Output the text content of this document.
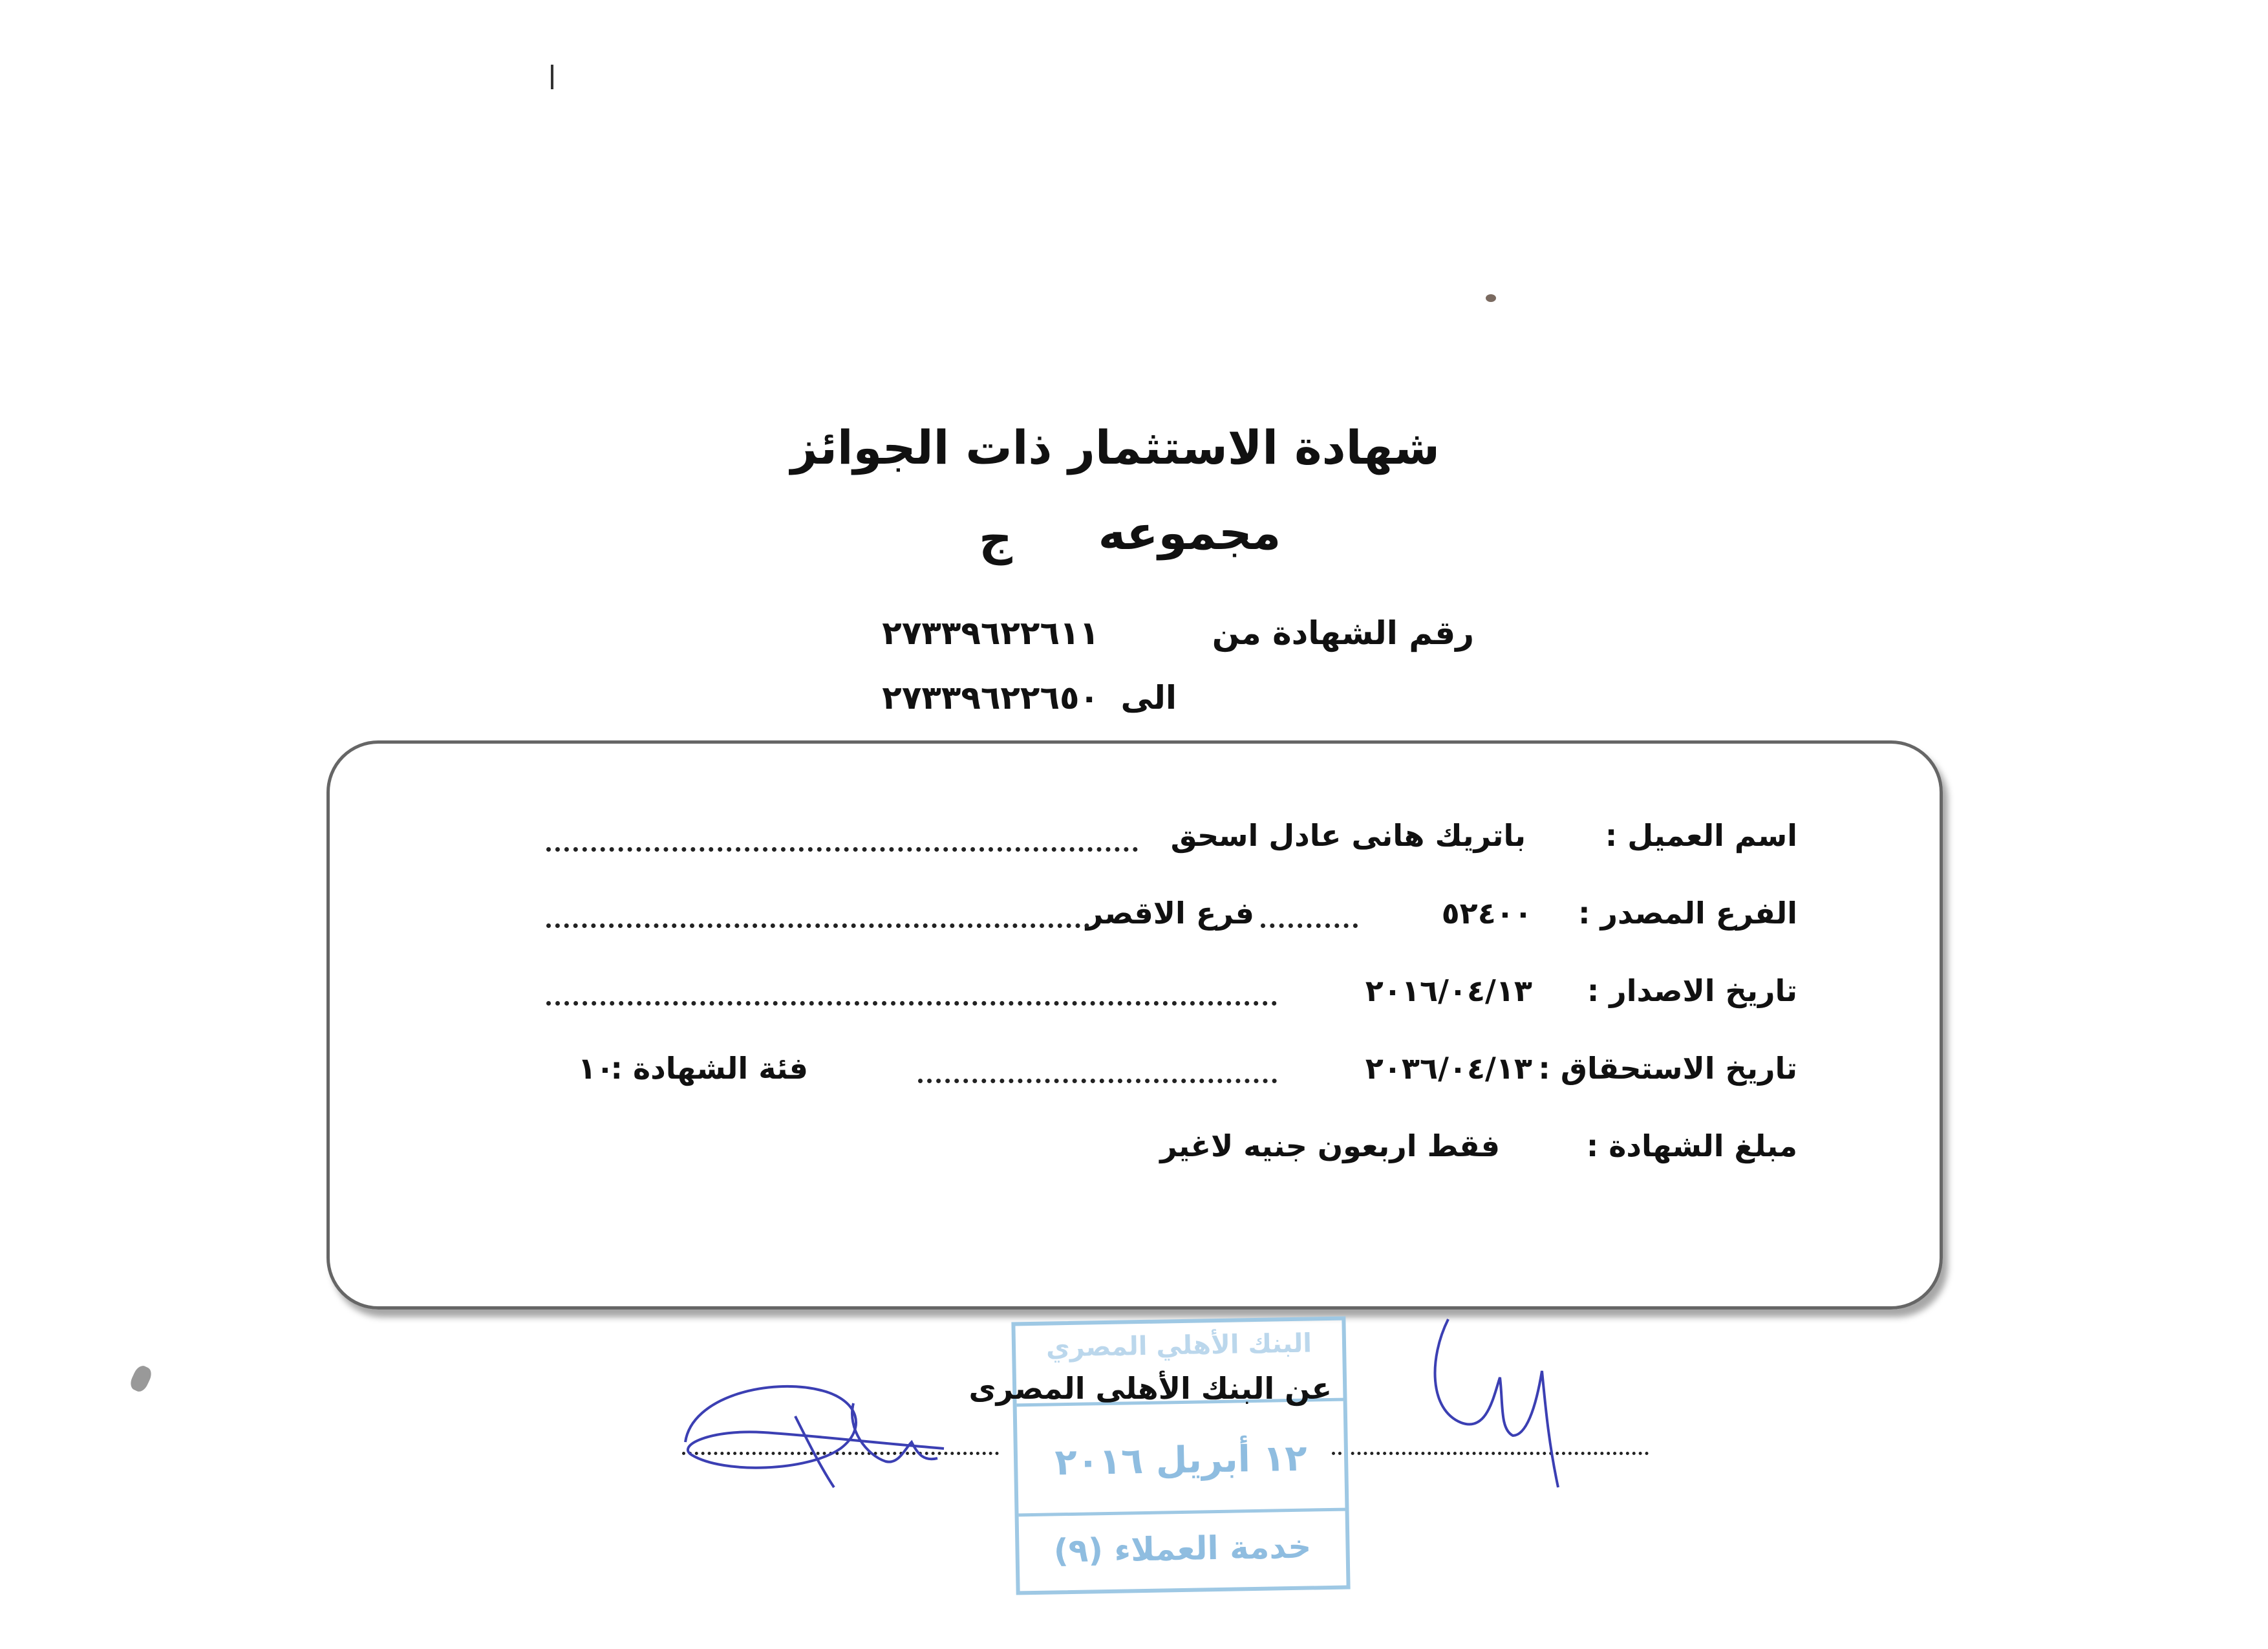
شهادة الاستثمار ذات الجوائز
مجموعه
ج
رقم الشهادة من
٢٧٣٣٩٦٢٢٦١١
الى
٢٧٣٣٩٦٢٢٦٥٠
اسم العميل :
باتريك هانى عادل اسحق
الفرع المصدر :
٥٢٤٠٠
فرع الاقصر
تاريخ الاصدار :
٢٠١٦/٠٤/١٣
تاريخ الاستحقاق :
٢٠٣٦/٠٤/١٣
فئة الشهادة :
١٠
مبلغ الشهادة :
فقط اربعون جنيه لاغير
عن البنك الأهلى المصرى
البنك الأهلي المصري
١٢ أبريل ٢٠١٦
خدمة العملاء (٩)
